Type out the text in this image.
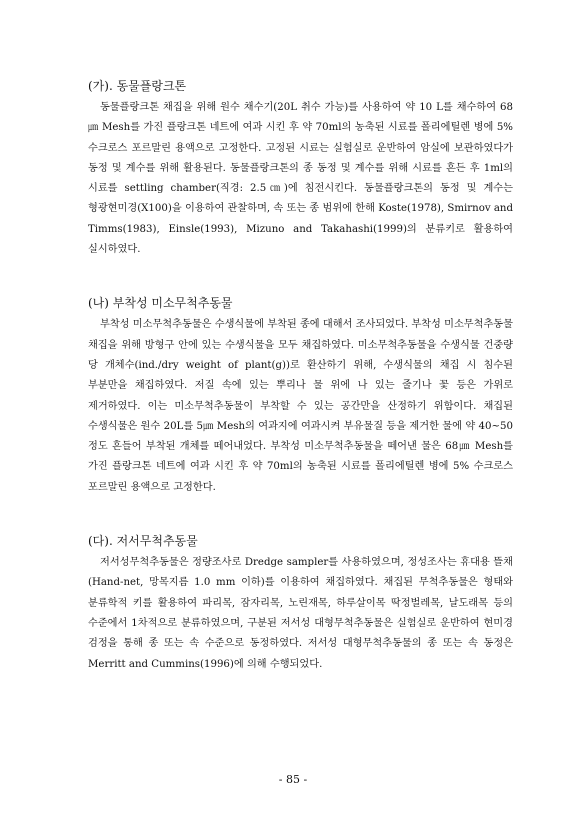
(가). 동물플랑크톤

동물플랑크톤 채집을 위해 원수 채수기(20L 취수 가능)를 사용하여 약 10 L를 채수하여 68㎛ Mesh를 가진 플랑크톤 네트에 여과 시킨 후 약 70ml의 농축된 시료를 폴리에틸렌 병에 5% 수크로스 포르말린 용액으로 고정한다. 고정된 시료는 실험실로 운반하여 암실에 보관하였다가 동정 및 계수를 위해 활용된다. 동물플랑크톤의 종 동정 및 계수를 위해 시료를 흔든 후 1ml의 시료를 settling chamber(직경: 2.5㎝)에 침전시킨다. 동물플랑크톤의 동정 및 계수는 형광현미경(X100)을 이용하여 관찰하며, 속 또는 종 범위에 한해 Koste(1978), Smirnov and Timms(1983), Einsle(1993), Mizuno and Takahashi(1999)의 분류키로 활용하여 실시하였다.

(나) 부착성 미소무척추동물

부착성 미소무척추동물은 수생식물에 부착된 종에 대해서 조사되었다. 부착성 미소무척추동물 채집을 위해 방형구 안에 있는 수생식물을 모두 채집하였다. 미소무척추동물을 수생식물 건중량 당 개체수(ind./dry weight of plant(g))로 환산하기 위해, 수생식물의 채집 시 침수된 부분만을 채집하였다. 저질 속에 있는 뿌리나 물 위에 나 있는 줄기나 꽃 등은 가위로 제거하였다. 이는 미소무척추동물이 부착할 수 있는 공간만을 산정하기 위함이다. 채집된 수생식물은 원수 20L를 5㎛ Mesh의 여과지에 여과시켜 부유물질 등을 제거한 물에 약 40~50 정도 흔들어 부착된 개체를 떼어내었다. 부착성 미소무척추동물을 떼어낸 물은 68㎛ Mesh를 가진 플랑크톤 네트에 여과 시킨 후 약 70ml의 농축된 시료를 폴리에틸렌 병에 5% 수크로스 포르말린 용액으로 고정한다.

(다). 저서무척추동물

저서성무척추동물은 정량조사로 Dredge sampler를 사용하였으며, 정성조사는 휴대용 뜰채(Hand-net, 망목지름 1.0 mm 이하)를 이용하여 채집하였다. 채집된 무척추동물은 형태와 분류학적 키를 활용하여 파리목, 잠자리목, 노린재목, 하루살이목 딱정벌레목, 날도래목 등의 수준에서 1차적으로 분류하였으며, 구분된 저서성 대형무척추동물은 실험실로 운반하여 현미경 검정을 통해 종 또는 속 수준으로 동정하였다. 저서성 대형무척추동물의 종 또는 속 동정은 Merritt and Cummins(1996)에 의해 수행되었다.

- 85 -
